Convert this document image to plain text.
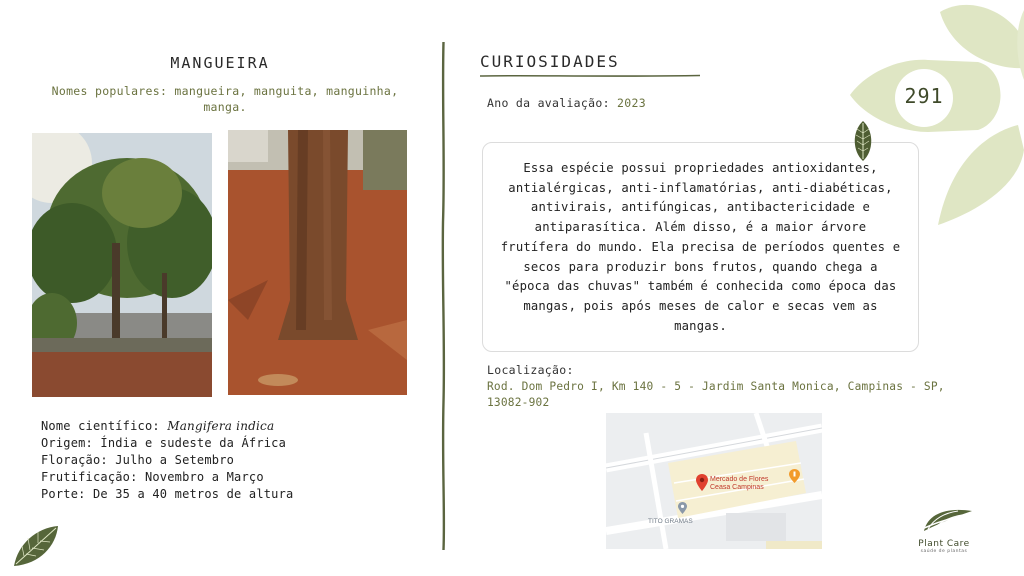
MANGUEIRA
Nomes populares: mangueira, manguita, manguinha, manga.
Nome científico: Mangifera indica
Origem: Índia e sudeste da África
Floração: Julho a Setembro
Frutificação: Novembro a Março
Porte: De 35 a 40 metros de altura
CURIOSIDADES
Ano da avaliação: 2023
Essa espécie possui propriedades antioxidantes, antialérgicas, anti-inflamatórias, anti-diabéticas, antivirais, antifúngicas, antibactericidade e antiparasítica. Além disso, é a maior árvore frutífera do mundo. Ela precisa de períodos quentes e secos para produzir bons frutos, quando chega a "época das chuvas" também é conhecida como época das mangas, pois após meses de calor e secas vem as mangas.
Localização:
Rod. Dom Pedro I, Km 140 - 5 - Jardim Santa Monica, Campinas - SP, 13082-902
Mercado de Flores
Ceasa Campinas
TITO GRAMAS
291
Plant Care
saúde de plantas
